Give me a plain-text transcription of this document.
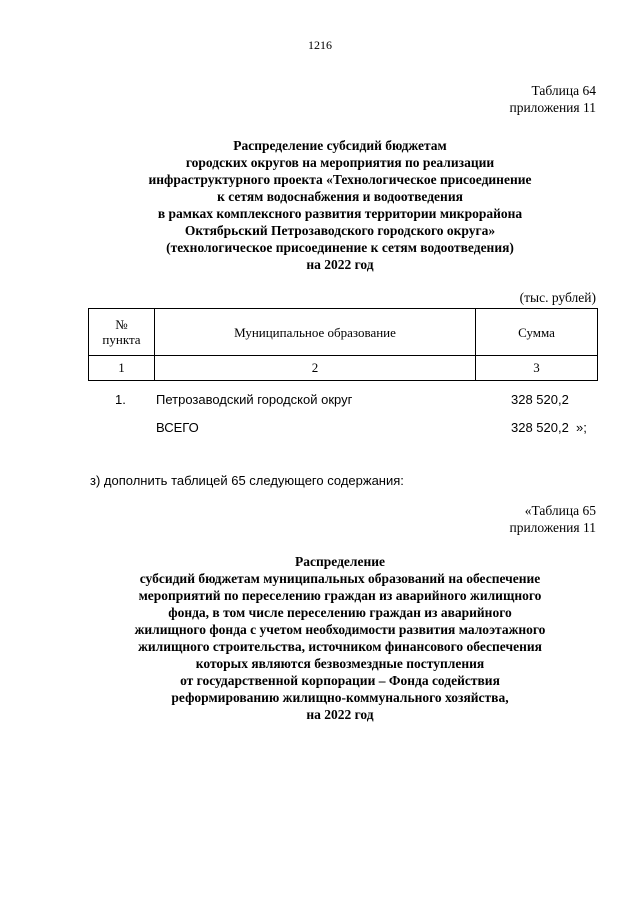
1216
Таблица 64
приложения 11
Распределение субсидий бюджетам
городских округов на мероприятия по реализации
инфраструктурного проекта «Технологическое присоединение
к сетям водоснабжения и водоотведения
в рамках комплексного развития территории микрорайона
Октябрьский Петрозаводского городского округа»
(технологическое присоединение к сетям водоотведения)
на 2022 год
(тыс. рублей)
№
пункта	Муниципальное образование	Сумма
1	2	3
1. Петрозаводский городской округ	328 520,2
ВСЕГО	328 520,2  »;
з) дополнить таблицей 65 следующего содержания:
«Таблица 65
приложения 11
Распределение
субсидий бюджетам муниципальных образований на обеспечение
мероприятий по переселению граждан из аварийного жилищного
фонда, в том числе переселению граждан из аварийного
жилищного фонда с учетом необходимости развития малоэтажного
жилищного строительства, источником финансового обеспечения
которых являются безвозмездные поступления
от государственной корпорации – Фонда содействия
реформированию жилищно-коммунального хозяйства,
на 2022 год
